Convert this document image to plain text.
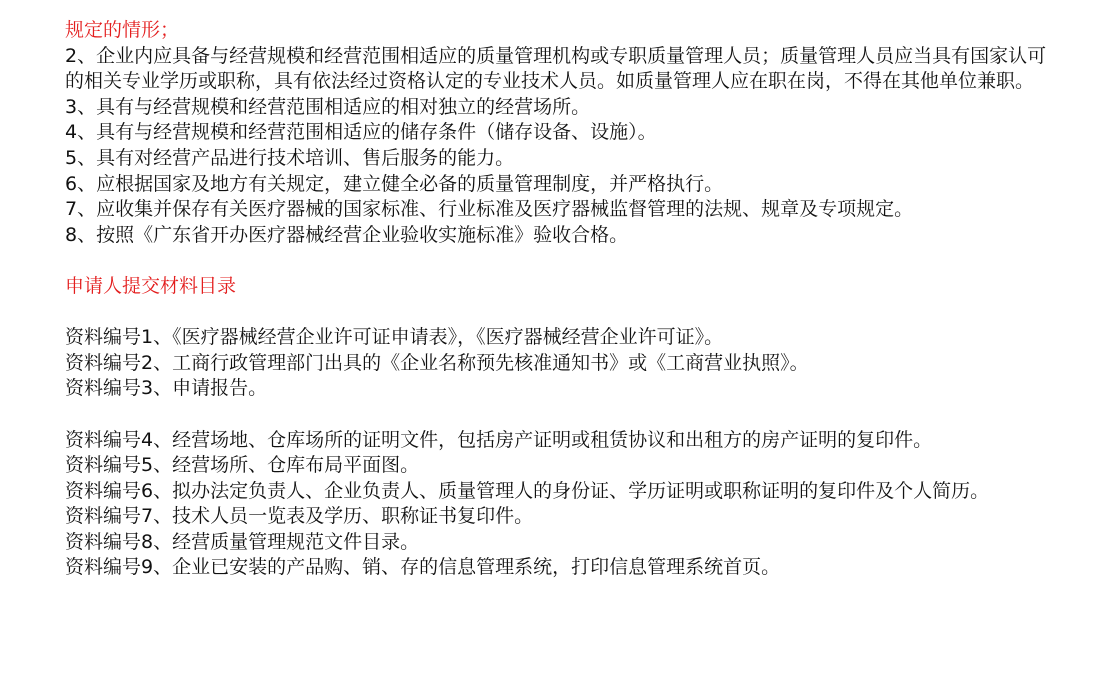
规定的情形；

2、企业内应具备与经营规模和经营范围相适应的质量管理机构或专职质量管理人员；质量管理人员应当具有国家认可　的相关专业学历或职称，具有依法经过资格认定的专业技术人员。如质量管理人应在职在岗，不得在其他单位兼职。

3、具有与经营规模和经营范围相适应的相对独立的经营场所。

4、具有与经营规模和经营范围相适应的储存条件（储存设备、设施）。

5、具有对经营产品进行技术培训、售后服务的能力。

6、应根据国家及地方有关规定，建立健全必备的质量管理制度，并严格执行。

7、应收集并保存有关医疗器械的国家标准、行业标准及医疗器械监督管理的法规、规章及专项规定。

8、按照《广东省开办医疗器械经营企业验收实施标准》验收合格。

申请人提交材料目录

资料编号1、《医疗器械经营企业许可证申请表》，《医疗器械经营企业许可证》。

资料编号2、工商行政管理部门出具的《企业名称预先核准通知书》或《工商营业执照》。

资料编号3、申请报告。

资料编号4、经营场地、仓库场所的证明文件，包括房产证明或租赁协议和出租方的房产证明的复印件。

资料编号5、经营场所、仓库布局平面图。

资料编号6、拟办法定负责人、企业负责人、质量管理人的身份证、学历证明或职称证明的复印件及个人简历。

资料编号7、技术人员一览表及学历、职称证书复印件。

资料编号8、经营质量管理规范文件目录。

资料编号9、企业已安装的产品购、销、存的信息管理系统，打印信息管理系统首页。
